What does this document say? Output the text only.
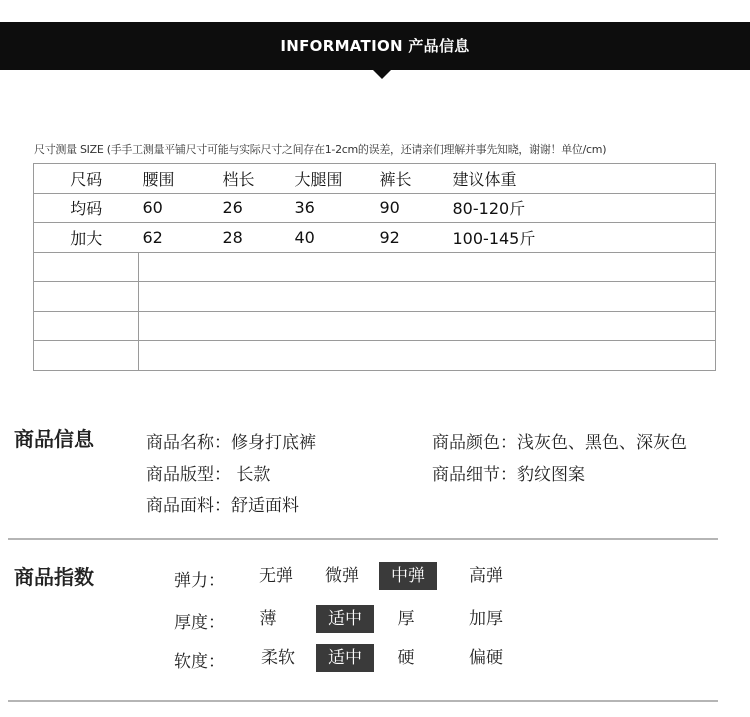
INFORMATION 产品信息
尺寸测量 SIZE (手手工测量平铺尺寸可能与实际尺寸之间存在1-2cm的误差，还请亲们理解并事先知晓，谢谢！单位/cm)
尺码	腰围	档长	大腿围	裤长	建议体重
均码	60	26	36	90	80-120斤
加大	62	28	40	92	100-145斤

商品信息	商品名称：修身打底裤	商品颜色：浅灰色、黑色、深灰色
商品版型： 长款	商品细节：豹纹图案
商品面料：舒适面料
商品指数	弹力：	无弹	微弹	中弹	高弹
厚度：	薄	适中	厚	加厚
软度：	柔软	适中	硬	偏硬
